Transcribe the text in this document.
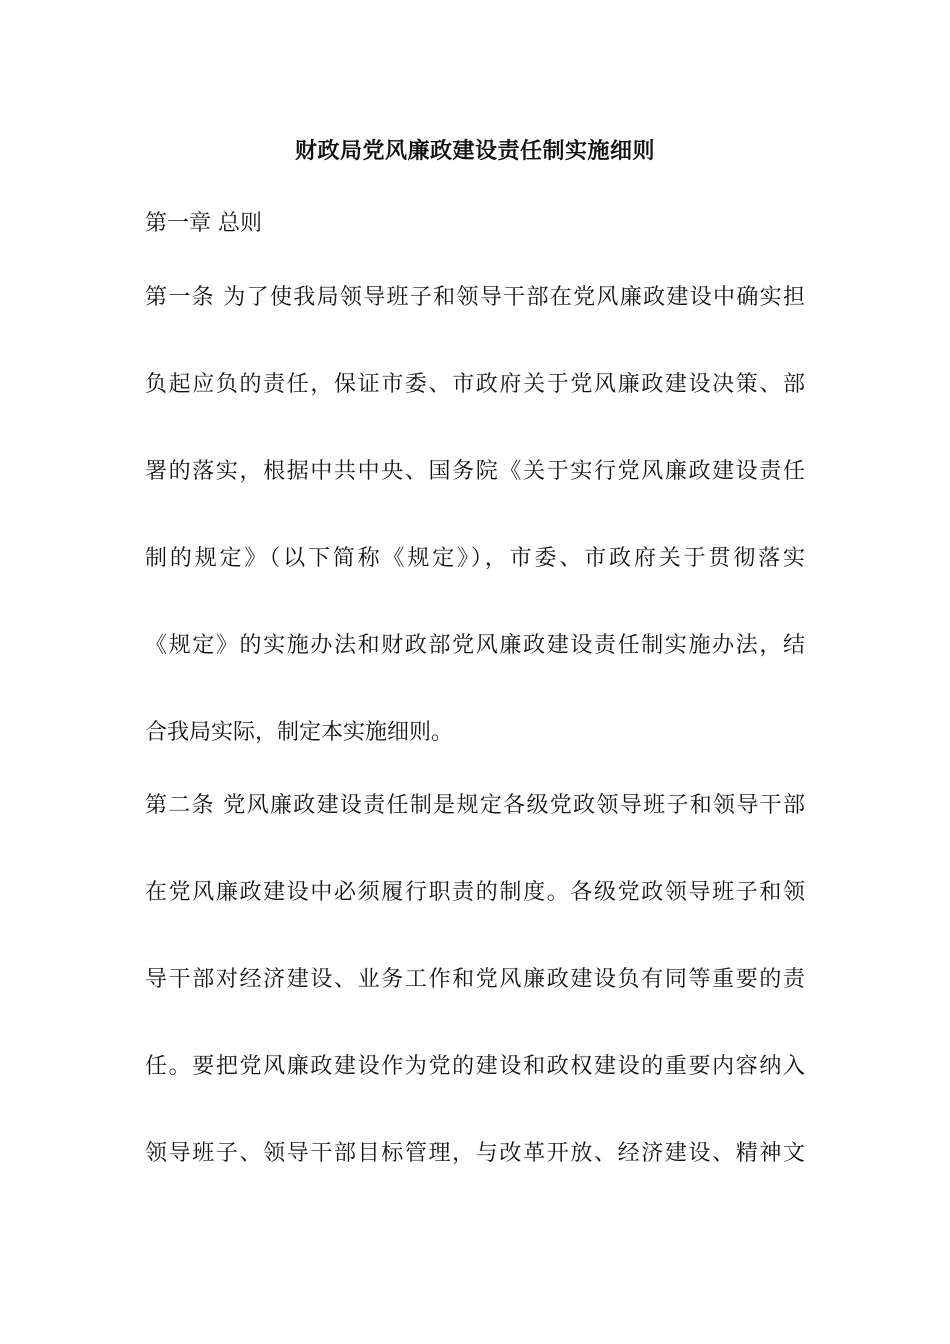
财政局党风廉政建设责任制实施细则
第一章 总则
第一条 为了使我局领导班子和领导干部在党风廉政建设中确实担
负起应负的责任，保证市委、市政府关于党风廉政建设决策、部
署的落实，根据中共中央、国务院《关于实行党风廉政建设责任
制的规定》（以下简称《规定》），市委、市政府关于贯彻落实
《规定》的实施办法和财政部党风廉政建设责任制实施办法，结
合我局实际，制定本实施细则。
第二条 党风廉政建设责任制是规定各级党政领导班子和领导干部
在党风廉政建设中必须履行职责的制度。各级党政领导班子和领
导干部对经济建设、业务工作和党风廉政建设负有同等重要的责
任。要把党风廉政建设作为党的建设和政权建设的重要内容纳入
领导班子、领导干部目标管理，与改革开放、经济建设、精神文
